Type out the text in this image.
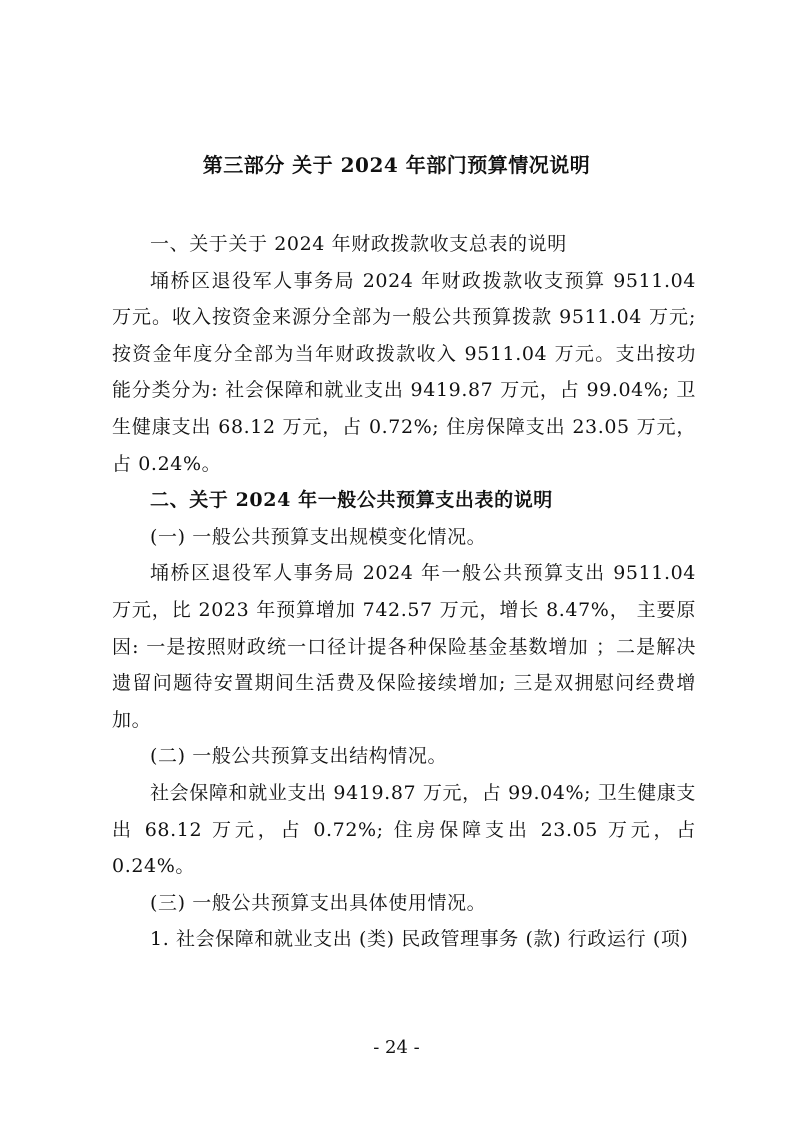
第三部分 关于 2024 年部门预算情况说明

一、关于关于 2024 年财政拨款收支总表的说明

埇桥区退役军人事务局 2024 年财政拨款收支预算 9511.04 万元。收入按资金来源分全部为一般公共预算拨款 9511.04 万元; 按资金年度分全部为当年财政拨款收入 9511.04 万元。支出按功能分类分为: 社会保障和就业支出 9419.87 万元，占 99.04%; 卫生健康支出 68.12 万元，占 0.72%; 住房保障支出 23.05 万元，占 0.24%。

二、关于 2024 年一般公共预算支出表的说明

(一) 一般公共预算支出规模变化情况。

埇桥区退役军人事务局 2024 年一般公共预算支出 9511.04 万元，比 2023 年预算增加 742.57 万元，增长 8.47%， 主要原因: 一是按照财政统一口径计提各种保险基金基数增加 ；二是解决遗留问题待安置期间生活费及保险接续增加; 三是双拥慰问经费增加。

(二) 一般公共预算支出结构情况。

社会保障和就业支出 9419.87 万元，占 99.04%; 卫生健康支出 68.12 万元，占 0.72%; 住房保障支出 23.05 万元，占 0.24%。

(三) 一般公共预算支出具体使用情况。

1. 社会保障和就业支出 (类) 民政管理事务 (款) 行政运行 (项)

- 24 -
